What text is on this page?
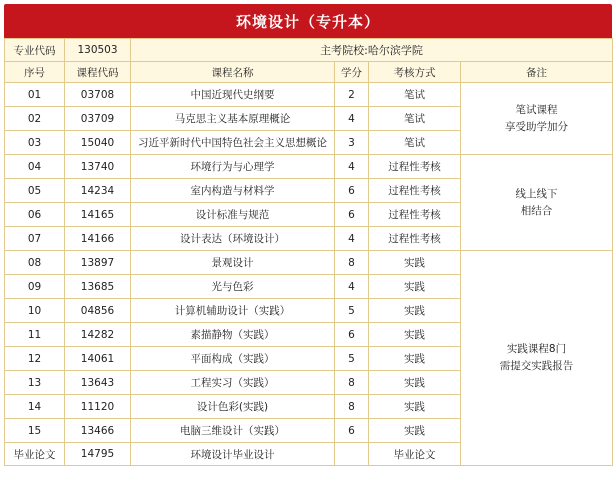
环境设计（专升本）
专业代码	130503	主考院校:哈尔滨学院			
序号	课程代码	课程名称	学分	考核方式	备注
01	03708	中国近现代史纲要	2	笔试	笔试课程
享受助学加分

02	03709	马克思主义基本原理概论	4	笔试	
03	15040	习近平新时代中国特色社会主义思想概论	3	笔试	
04	13740	环境行为与心理学	4	过程性考核	线上线下
相结合

05	14234	室内构造与材料学	6	过程性考核	
06	14165	设计标准与规范	6	过程性考核	
07	14166	设计表达（环境设计）	4	过程性考核	
08	13897	景观设计	8	实践	实践课程8门
需提交实践报告

09	13685	光与色彩	4	实践	
10	04856	计算机辅助设计（实践）	5	实践	
11	14282	素描静物（实践）	6	实践	
12	14061	平面构成（实践）	5	实践	
13	13643	工程实习（实践）	8	实践	
14	11120	设计色彩(实践)	8	实践	
15	13466	电脑三维设计（实践）	6	实践	
毕业论文	14795	环境设计毕业设计		毕业论文	
